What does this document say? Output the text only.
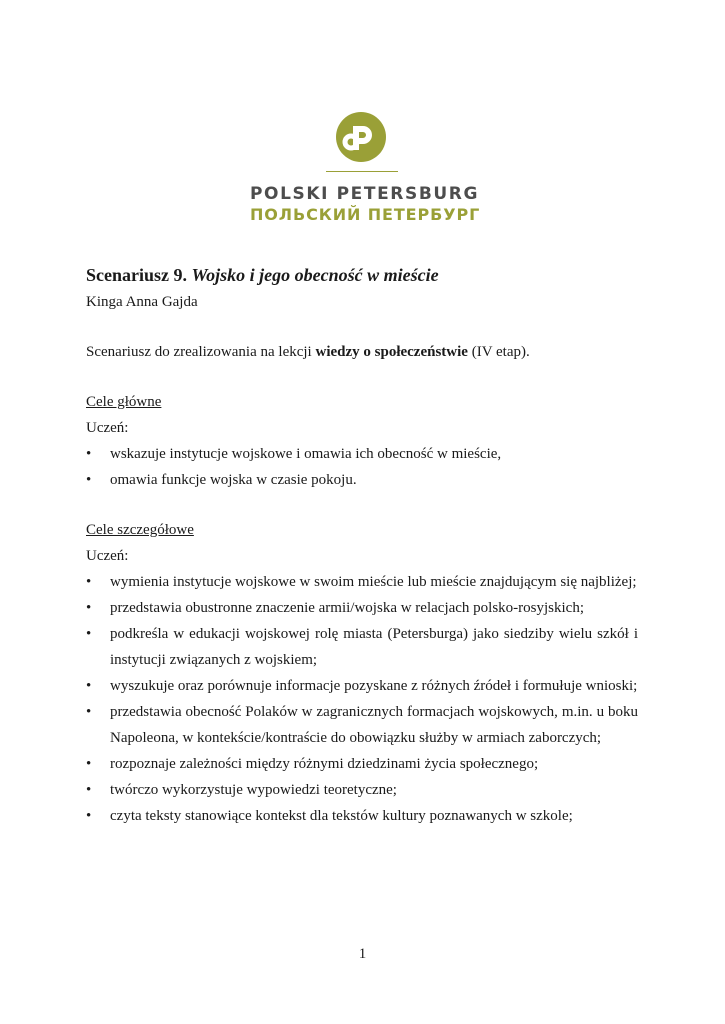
POLSKI PETERSBURG
ПОЛЬСКИЙ ПЕТЕРБУРГ
Scenariusz 9. Wojsko i jego obecność w mieście

Kinga Anna Gajda

Scenariusz do zrealizowania na lekcji wiedzy o społeczeństwie (IV etap).

Cele główne

Uczeń:

• wskazuje instytucje wojskowe i omawia ich obecność w mieście,
• omawia funkcje wojska w czasie pokoju.

Cele szczegółowe

Uczeń:

• wymienia instytucje wojskowe w swoim mieście lub mieście znajdującym się najbliżej;
• przedstawia obustronne znaczenie armii/wojska w relacjach polsko-rosyjskich;
• podkreśla w edukacji wojskowej rolę miasta (Petersburga) jako siedziby wielu szkół i instytucji związanych z wojskiem;
• wyszukuje oraz porównuje informacje pozyskane z różnych źródeł i formułuje wnioski;
• przedstawia obecność Polaków w zagranicznych formacjach wojskowych, m.in. u boku Napoleona, w kontekście/kontraście do obowiązku służby w armiach zaborczych;
• rozpoznaje zależności między różnymi dziedzinami życia społecznego;
• twórczo wykorzystuje wypowiedzi teoretyczne;
• czyta teksty stanowiące kontekst dla tekstów kultury poznawanych w szkole;
1
